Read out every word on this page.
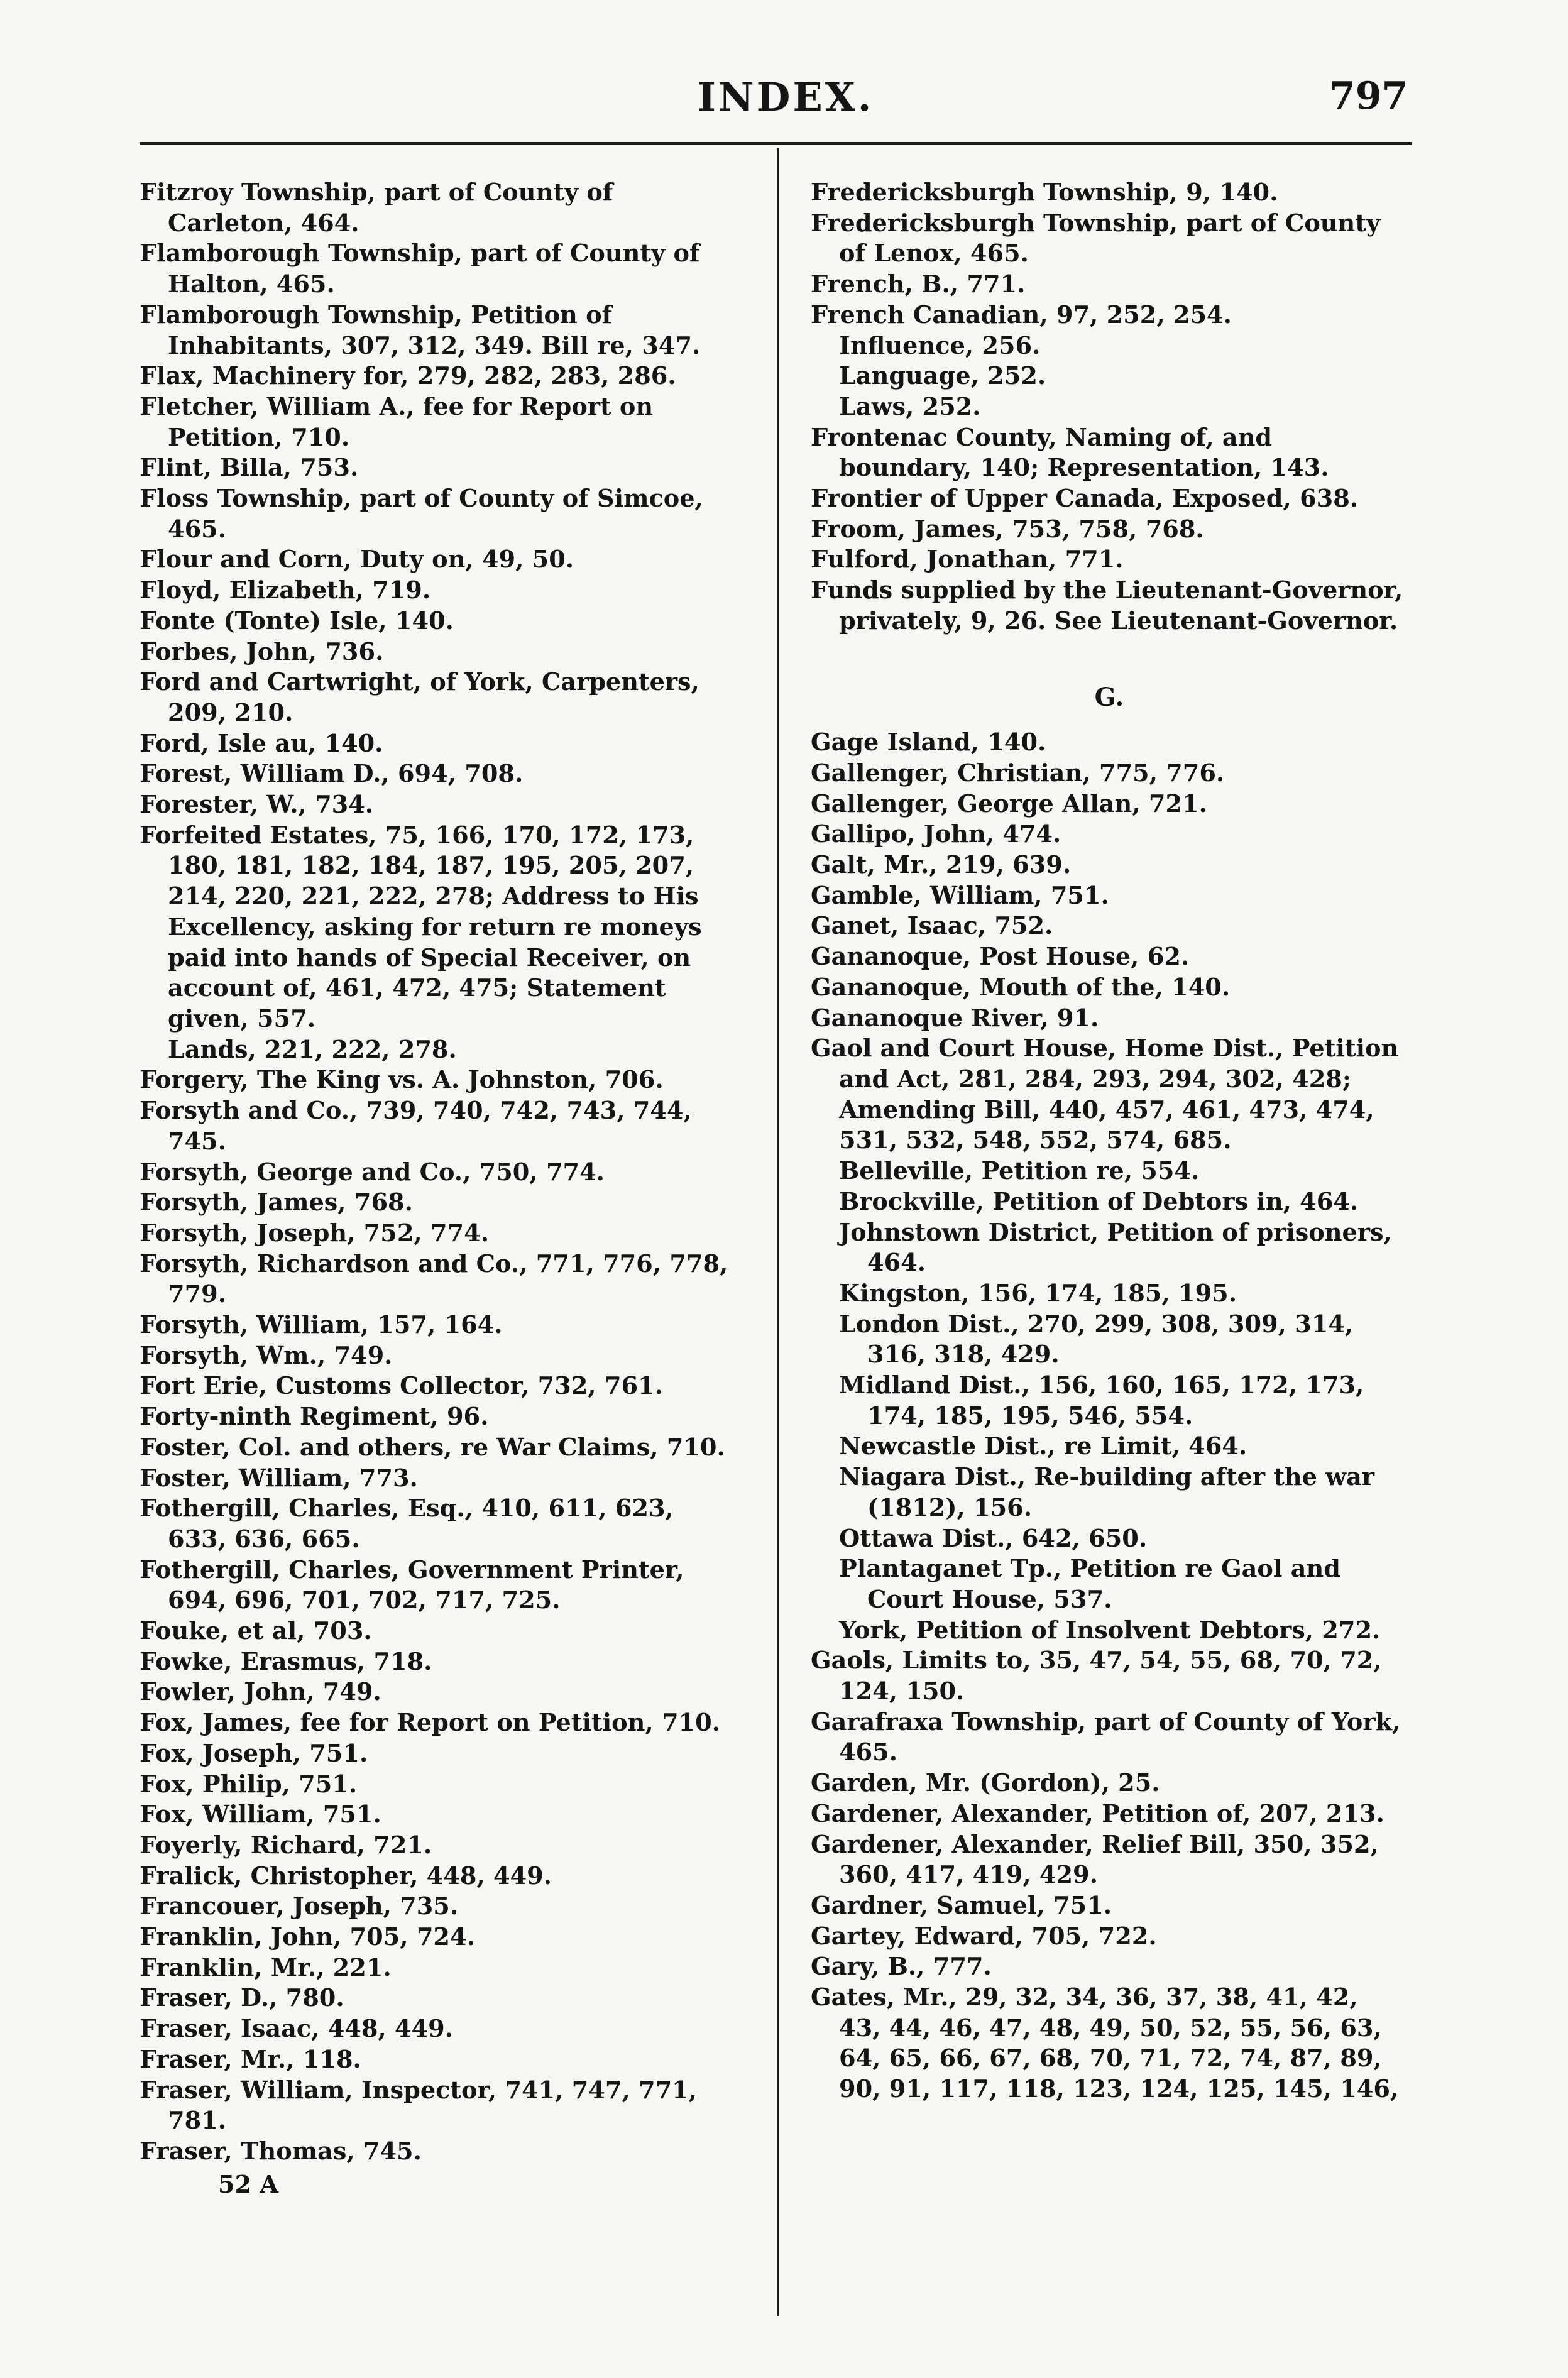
INDEX.	797
Fitzroy Township, part of County of Carleton, 464.
Flamborough Township, part of County of Halton, 465.
Flamborough Township, Petition of Inhabitants, 307, 312, 349. Bill re, 347.
Flax, Machinery for, 279, 282, 283, 286.
Fletcher, William A., fee for Report on Petition, 710.
Flint, Billa, 753.
Floss Township, part of County of Simcoe, 465.
Flour and Corn, Duty on, 49, 50.
Floyd, Elizabeth, 719.
Fonte (Tonte) Isle, 140.
Forbes, John, 736.
Ford and Cartwright, of York, Carpenters, 209, 210.
Ford, Isle au, 140.
Forest, William D., 694, 708.
Forester, W., 734.
Forfeited Estates, 75, 166, 170, 172, 173, 180, 181, 182, 184, 187, 195, 205, 207, 214, 220, 221, 222, 278; Address to His Excellency, asking for return re moneys paid into hands of Special Receiver, on account of, 461, 472, 475; Statement given, 557.
Lands, 221, 222, 278.
Forgery, The King vs. A. Johnston, 706.
Forsyth and Co., 739, 740, 742, 743, 744, 745.
Forsyth, George and Co., 750, 774.
Forsyth, James, 768.
Forsyth, Joseph, 752, 774.
Forsyth, Richardson and Co., 771, 776, 778, 779.
Forsyth, William, 157, 164.
Forsyth, Wm., 749.
Fort Erie, Customs Collector, 732, 761.
Forty-ninth Regiment, 96.
Foster, Col. and others, re War Claims, 710.
Foster, William, 773.
Fothergill, Charles, Esq., 410, 611, 623, 633, 636, 665.
Fothergill, Charles, Government Printer, 694, 696, 701, 702, 717, 725.
Fouke, et al, 703.
Fowke, Erasmus, 718.
Fowler, John, 749.
Fox, James, fee for Report on Petition, 710.
Fox, Joseph, 751.
Fox, Philip, 751.
Fox, William, 751.
Foyerly, Richard, 721.
Fralick, Christopher, 448, 449.
Francouer, Joseph, 735.
Franklin, John, 705, 724.
Franklin, Mr., 221.
Fraser, D., 780.
Fraser, Isaac, 448, 449.
Fraser, Mr., 118.
Fraser, William, Inspector, 741, 747, 771, 781.
Fraser, Thomas, 745.
52 A
Fredericksburgh Township, 9, 140.
Fredericksburgh Township, part of County of Lenox, 465.
French, B., 771.
French Canadian, 97, 252, 254.
Influence, 256.
Language, 252.
Laws, 252.
Frontenac County, Naming of, and boundary, 140; Representation, 143.
Frontier of Upper Canada, Exposed, 638.
Froom, James, 753, 758, 768.
Fulford, Jonathan, 771.
Funds supplied by the Lieutenant-Governor, privately, 9, 26. See Lieutenant-Governor.
G.
Gage Island, 140.
Gallenger, Christian, 775, 776.
Gallenger, George Allan, 721.
Gallipo, John, 474.
Galt, Mr., 219, 639.
Gamble, William, 751.
Ganet, Isaac, 752.
Gananoque, Post House, 62.
Gananoque, Mouth of the, 140.
Gananoque River, 91.
Gaol and Court House, Home Dist., Petition and Act, 281, 284, 293, 294, 302, 428; Amending Bill, 440, 457, 461, 473, 474, 531, 532, 548, 552, 574, 685.
Belleville, Petition re, 554.
Brockville, Petition of Debtors in, 464.
Johnstown District, Petition of prisoners, 464.
Kingston, 156, 174, 185, 195.
London Dist., 270, 299, 308, 309, 314, 316, 318, 429.
Midland Dist., 156, 160, 165, 172, 173, 174, 185, 195, 546, 554.
Newcastle Dist., re Limit, 464.
Niagara Dist., Re-building after the war (1812), 156.
Ottawa Dist., 642, 650.
Plantaganet Tp., Petition re Gaol and Court House, 537.
York, Petition of Insolvent Debtors, 272.
Gaols, Limits to, 35, 47, 54, 55, 68, 70, 72, 124, 150.
Garafraxa Township, part of County of York, 465.
Garden, Mr. (Gordon), 25.
Gardener, Alexander, Petition of, 207, 213.
Gardener, Alexander, Relief Bill, 350, 352, 360, 417, 419, 429.
Gardner, Samuel, 751.
Gartey, Edward, 705, 722.
Gary, B., 777.
Gates, Mr., 29, 32, 34, 36, 37, 38, 41, 42, 43, 44, 46, 47, 48, 49, 50, 52, 55, 56, 63, 64, 65, 66, 67, 68, 70, 71, 72, 74, 87, 89, 90, 91, 117, 118, 123, 124, 125, 145, 146,
